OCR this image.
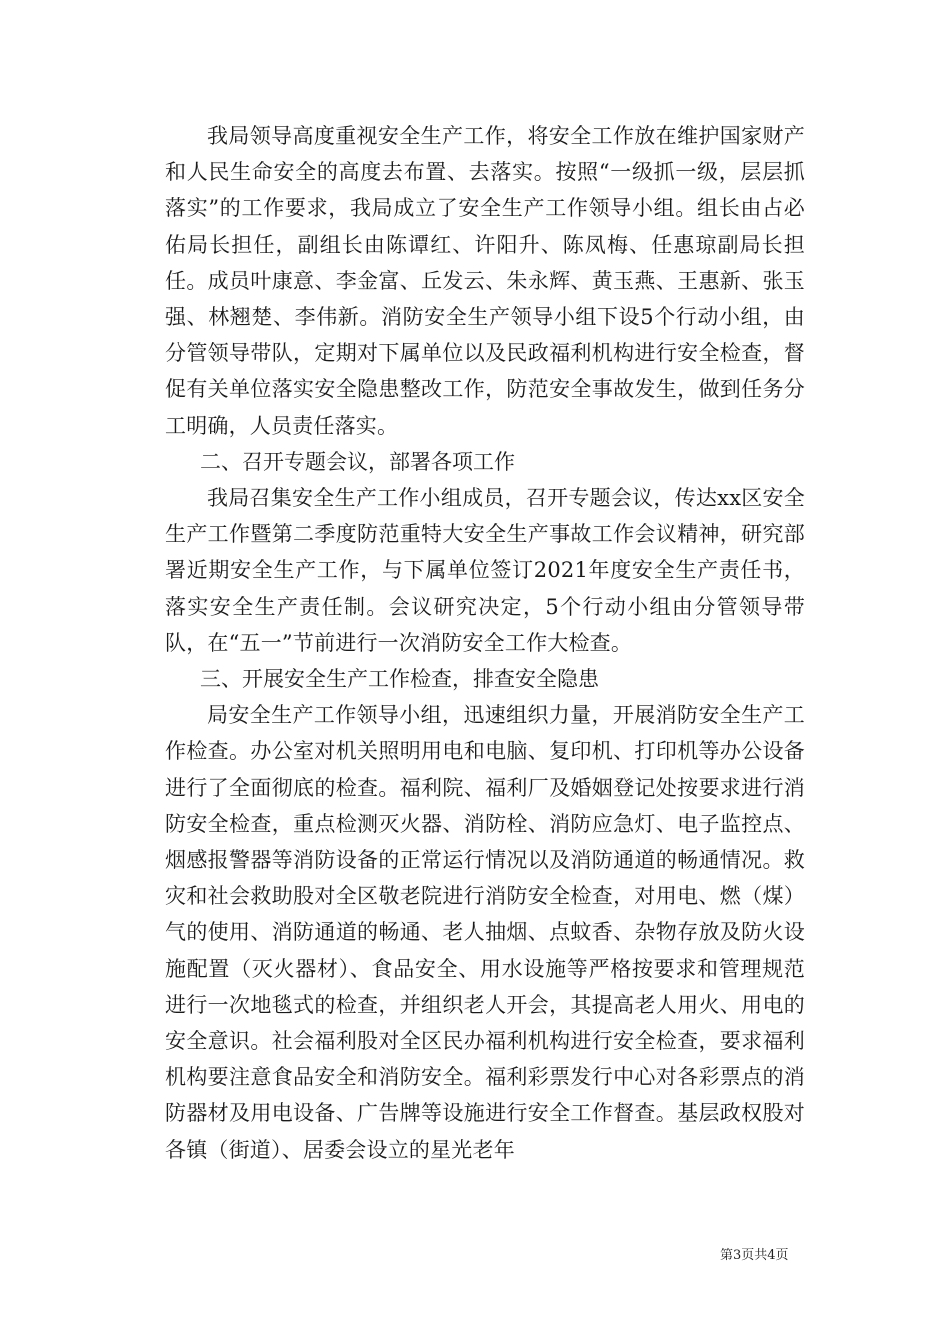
我局领导高度重视安全生产工作，将安全工作放在维护国家财产和人民生命安全的高度去布置、去落实。按照“一级抓一级，层层抓落实”的工作要求，我局成立了安全生产工作领导小组。组长由占必佑局长担任，副组长由陈谭红、许阳升、陈凤梅、任惠琼副局长担任。成员叶康意、李金富、丘发云、朱永辉、黄玉燕、王惠新、张玉强、林翘楚、李伟新。消防安全生产领导小组下设5个行动小组，由分管领导带队，定期对下属单位以及民政福利机构进行安全检查，督促有关单位落实安全隐患整改工作，防范安全事故发生，做到任务分工明确，人员责任落实。

二、召开专题会议，部署各项工作

我局召集安全生产工作小组成员，召开专题会议，传达xx区安全生产工作暨第二季度防范重特大安全生产事故工作会议精神，研究部署近期安全生产工作，与下属单位签订2021年度安全生产责任书，落实安全生产责任制。会议研究决定，5个行动小组由分管领导带队，在“五一”节前进行一次消防安全工作大检查。

三、开展安全生产工作检查，排查安全隐患

局安全生产工作领导小组，迅速组织力量，开展消防安全生产工作检查。办公室对机关照明用电和电脑、复印机、打印机等办公设备进行了全面彻底的检查。福利院、福利厂及婚姻登记处按要求进行消防安全检查，重点检测灭火器、消防栓、消防应急灯、电子监控点、烟感报警器等消防设备的正常运行情况以及消防通道的畅通情况。救灾和社会救助股对全区敬老院进行消防安全检查，对用电、燃（煤）气的使用、消防通道的畅通、老人抽烟、点蚊香、杂物存放及防火设施配置（灭火器材）、食品安全、用水设施等严格按要求和管理规范进行一次地毯式的检查，并组织老人开会，其提高老人用火、用电的安全意识。社会福利股对全区民办福利机构进行安全检查，要求福利机构要注意食品安全和消防安全。福利彩票发行中心对各彩票点的消防器材及用电设备、广告牌等设施进行安全工作督查。基层政权股对各镇（街道）、居委会设立的星光老年

第3页共4页
